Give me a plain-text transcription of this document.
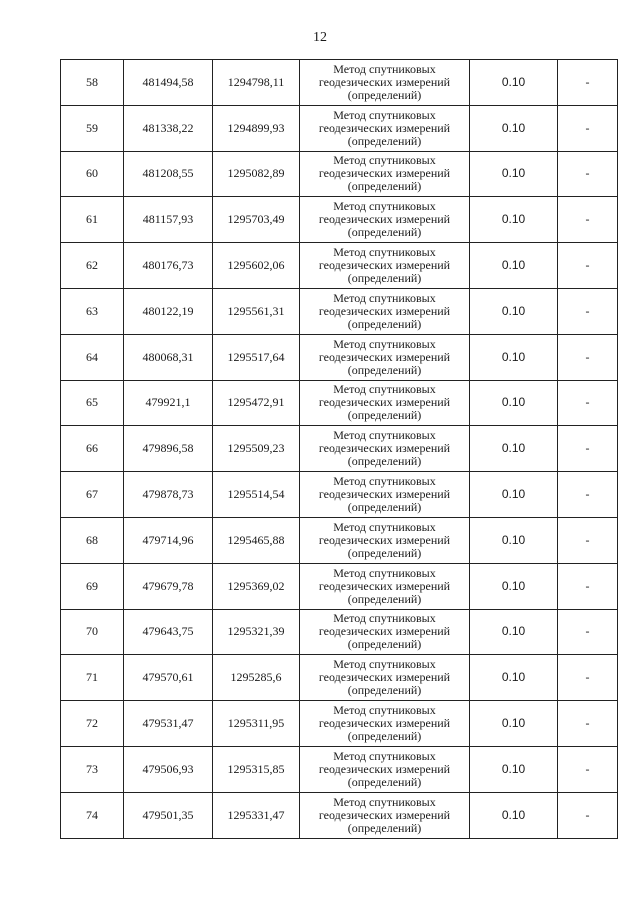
12
58	481494,58	1294798,11	Метод спутниковых
геодезических измерений
(определений)	0.10	-
59	481338,22	1294899,93	Метод спутниковых
геодезических измерений
(определений)	0.10	-
60	481208,55	1295082,89	Метод спутниковых
геодезических измерений
(определений)	0.10	-
61	481157,93	1295703,49	Метод спутниковых
геодезических измерений
(определений)	0.10	-
62	480176,73	1295602,06	Метод спутниковых
геодезических измерений
(определений)	0.10	-
63	480122,19	1295561,31	Метод спутниковых
геодезических измерений
(определений)	0.10	-
64	480068,31	1295517,64	Метод спутниковых
геодезических измерений
(определений)	0.10	-
65	479921,1	1295472,91	Метод спутниковых
геодезических измерений
(определений)	0.10	-
66	479896,58	1295509,23	Метод спутниковых
геодезических измерений
(определений)	0.10	-
67	479878,73	1295514,54	Метод спутниковых
геодезических измерений
(определений)	0.10	-
68	479714,96	1295465,88	Метод спутниковых
геодезических измерений
(определений)	0.10	-
69	479679,78	1295369,02	Метод спутниковых
геодезических измерений
(определений)	0.10	-
70	479643,75	1295321,39	Метод спутниковых
геодезических измерений
(определений)	0.10	-
71	479570,61	1295285,6	Метод спутниковых
геодезических измерений
(определений)	0.10	-
72	479531,47	1295311,95	Метод спутниковых
геодезических измерений
(определений)	0.10	-
73	479506,93	1295315,85	Метод спутниковых
геодезических измерений
(определений)	0.10	-
74	479501,35	1295331,47	Метод спутниковых
геодезических измерений
(определений)	0.10	-
